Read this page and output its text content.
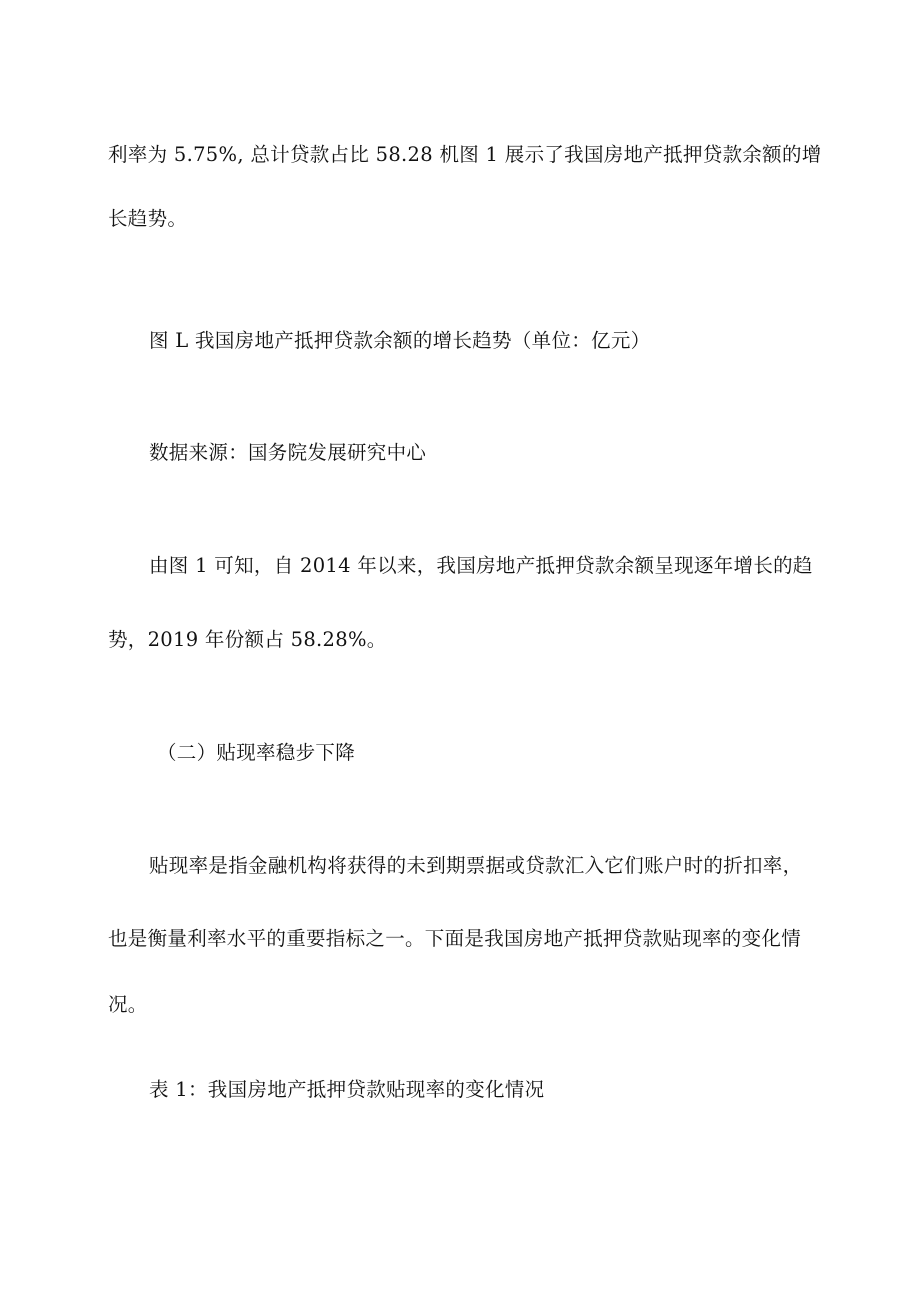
利率为 5.75%, 总计贷款占比 58.28 机图 1 展示了我国房地产抵押贷款余额的增

长趋势。

图 L 我国房地产抵押贷款余额的增长趋势（单位：亿元）

数据来源：国务院发展研究中心

由图 1 可知，自 2014 年以来，我国房地产抵押贷款余额呈现逐年增长的趋

势，2019 年份额占 58.28%。

（二）贴现率稳步下降

贴现率是指金融机构将获得的未到期票据或贷款汇入它们账户时的折扣率，

也是衡量利率水平的重要指标之一。下面是我国房地产抵押贷款贴现率的变化情

况。

表 1：我国房地产抵押贷款贴现率的变化情况
